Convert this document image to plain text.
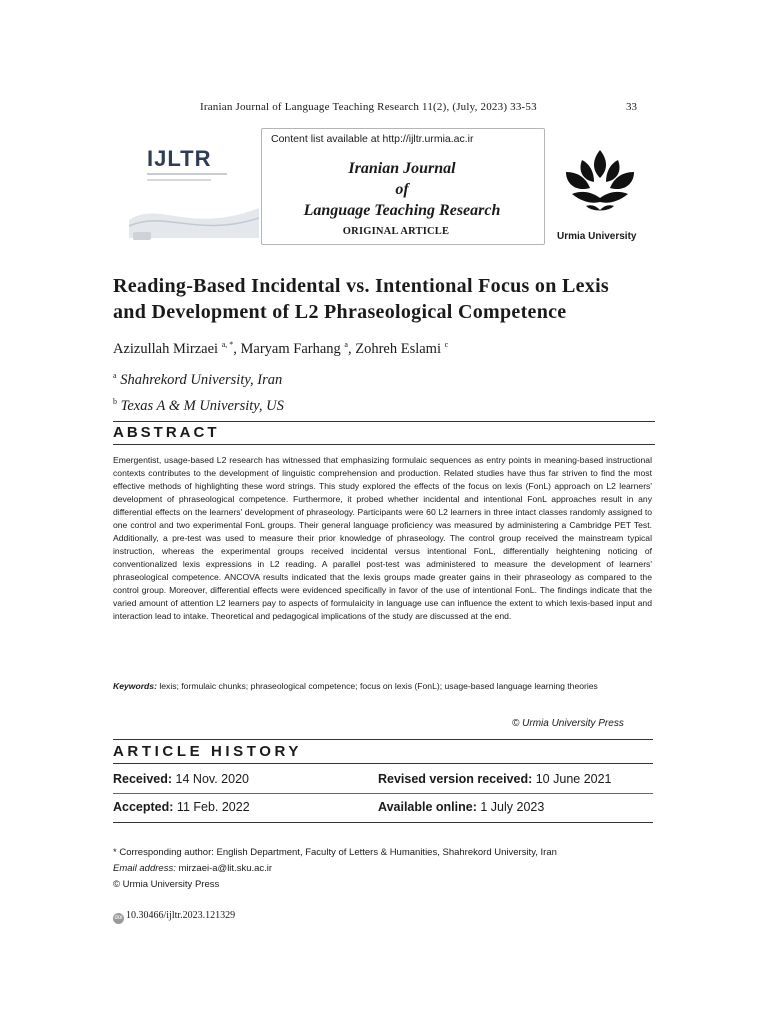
Iranian Journal of Language Teaching Research 11(2), (July, 2023) 33-53	33
IJLTR
Content list available at http://ijltr.urmia.ac.ir
Iranian Journal
of
Language Teaching Research
ORIGINAL ARTICLE	Urmia University
Reading-Based Incidental vs. Intentional Focus on Lexis
and Development of L2 Phraseological Competence
Azizullah Mirzaei $^{a, *}$, Maryam Farhang $^a$, Zohreh Eslami $^c$
$^a$ Shahrekord University, Iran
$^b$ Texas A & M University, US
ABSTRACT
Emergentist, usage-based L2 research has witnessed that emphasizing formulaic sequences as entry points in meaning-based instructional contexts contributes to the development of linguistic comprehension and production. Related studies have thus far striven to find the most effective methods of highlighting these word strings. This study explored the effects of the focus on lexis (FonL) approach on L2 learners' development of phraseological competence. Furthermore, it probed whether incidental and intentional FonL approaches result in any differential effects on the learners' development of phraseology. Participants were 60 L2 learners in three intact classes randomly assigned to one control and two experimental FonL groups. Their general language proficiency was measured by administering a Cambridge PET Test. Additionally, a pre-test was used to measure their prior knowledge of phraseology. The control group received the mainstream typical instruction, whereas the experimental groups received incidental versus intentional FonL, differentially heightening noticing of conventionalized lexis expressions in L2 reading. A parallel post-test was administered to measure the development of learners' phraseological competence. ANCOVA results indicated that the lexis groups made greater gains in their phraseology as compared to the control group. Moreover, differential effects were evidenced specifically in favor of the use of intentional FonL. The findings indicate that the varied amount of attention L2 learners pay to aspects of formulaicity in language use can influence the extent to which lexis-based input and interaction lead to intake. Theoretical and pedagogical implications of the study are discussed at the end.
Keywords: lexis; formulaic chunks; phraseological competence; focus on lexis (FonL); usage-based language learning theories
© Urmia University Press
ARTICLE HISTORY
Received: 14 Nov. 2020	Revised version received: 10 June 2021
Accepted: 11 Feb. 2022	Available online: 1 July 2023
* Corresponding author: English Department, Faculty of Letters & Humanities, Shahrekord University, Iran
Email address: mirzaei-a@lit.sku.ac.ir
© Urmia University Press
doi 10.30466/ijltr.2023.121329
